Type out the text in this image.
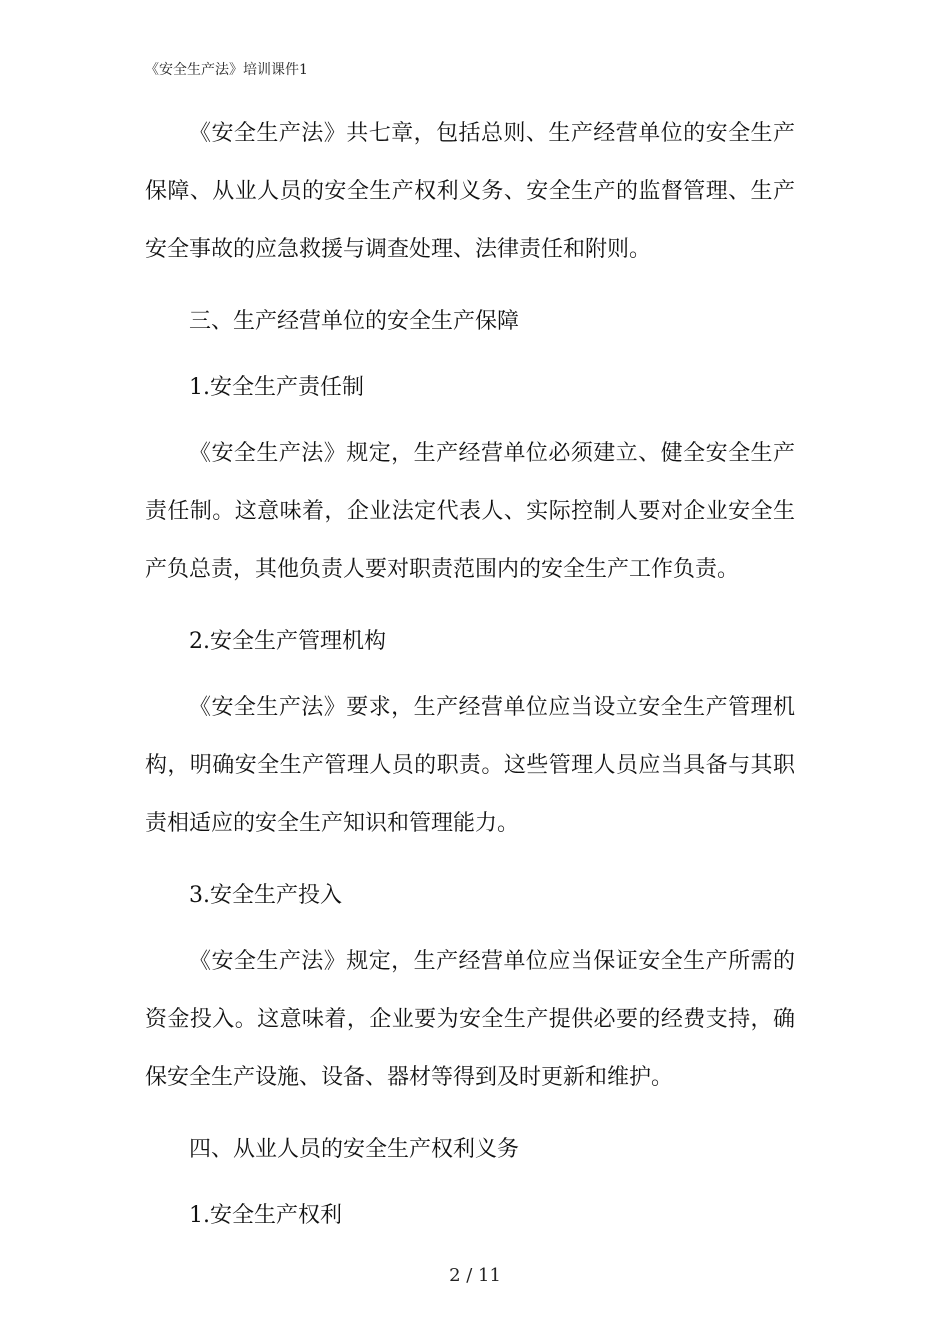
《安全生产法》培训课件1

《安全生产法》共七章，包括总则、生产经营单位的安全生产保障、从业人员的安全生产权利义务、安全生产的监督管理、生产安全事故的应急救援与调查处理、法律责任和附则。

三、生产经营单位的安全生产保障

1.安全生产责任制

《安全生产法》规定，生产经营单位必须建立、健全安全生产责任制。这意味着，企业法定代表人、实际控制人要对企业安全生产负总责，其他负责人要对职责范围内的安全生产工作负责。

2.安全生产管理机构

《安全生产法》要求，生产经营单位应当设立安全生产管理机构，明确安全生产管理人员的职责。这些管理人员应当具备与其职责相适应的安全生产知识和管理能力。

3.安全生产投入

《安全生产法》规定，生产经营单位应当保证安全生产所需的资金投入。这意味着，企业要为安全生产提供必要的经费支持，确保安全生产设施、设备、器材等得到及时更新和维护。

四、从业人员的安全生产权利义务

1.安全生产权利

2 / 11
